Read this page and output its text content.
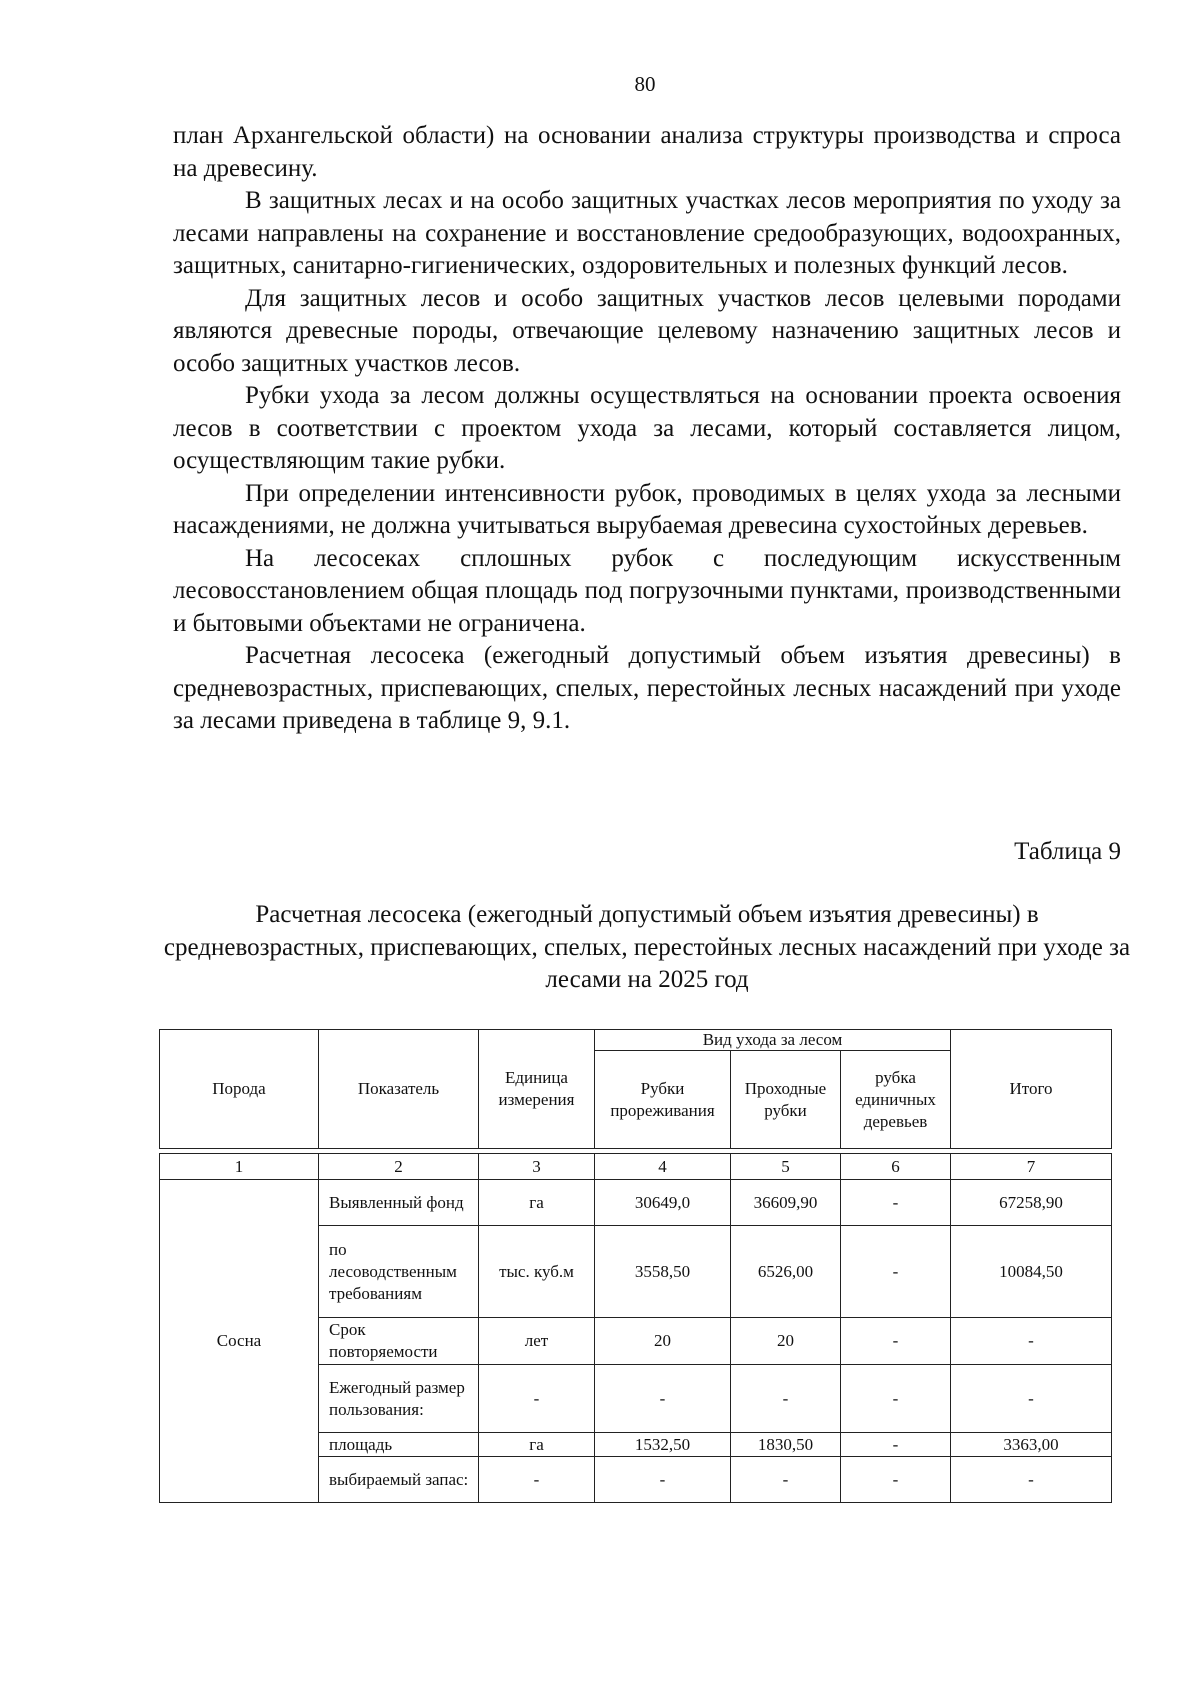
80

план Архангельской области) на основании анализа структуры производства и спроса на древесину.

В защитных лесах и на особо защитных участках лесов мероприятия по уходу за лесами направлены на сохранение и восстановление средообразующих, водоохранных, защитных, санитарно-гигиенических, оздоровительных и полезных функций лесов.

Для защитных лесов и особо защитных участков лесов целевыми породами являются древесные породы, отвечающие целевому назначению защитных лесов и особо защитных участков лесов.

Рубки ухода за лесом должны осуществляться на основании проекта освоения лесов в соответствии с проектом ухода за лесами, который составляется лицом, осуществляющим такие рубки.

При определении интенсивности рубок, проводимых в целях ухода за лесными насаждениями, не должна учитываться вырубаемая древесина сухостойных деревьев.

На лесосеках сплошных рубок с последующим искусственным лесовосстановлением общая площадь под погрузочными пунктами, производственными и бытовыми объектами не ограничена.

Расчетная лесосека (ежегодный допустимый объем изъятия древесины) в средневозрастных, приспевающих, спелых, перестойных лесных насаждений при уходе за лесами приведена в таблице 9, 9.1.

Таблица 9
Расчетная лесосека (ежегодный допустимый объем изъятия древесины) в средневозрастных, приспевающих, спелых, перестойных лесных насаждений при уходе за лесами на 2025 год
Порода	Показатель	Единица измерения	Вид ухода за лесом			Итого
			Рубки прореживания	Проходные рубки	рубка единичных деревьев	

1	2	3	4	5	6	7
Сосна	Выявленный фонд	га	30649,0	36609,90	-	67258,90
	по лесоводственным требованиям	тыс. куб.м	3558,50	6526,00	-	10084,50
	Срок повторяемости	лет	20	20	-	-
	Ежегодный размер пользования:	-	-	-	-	-
	площадь	га	1532,50	1830,50	-	3363,00
	выбираемый запас:	-	-	-	-	-
